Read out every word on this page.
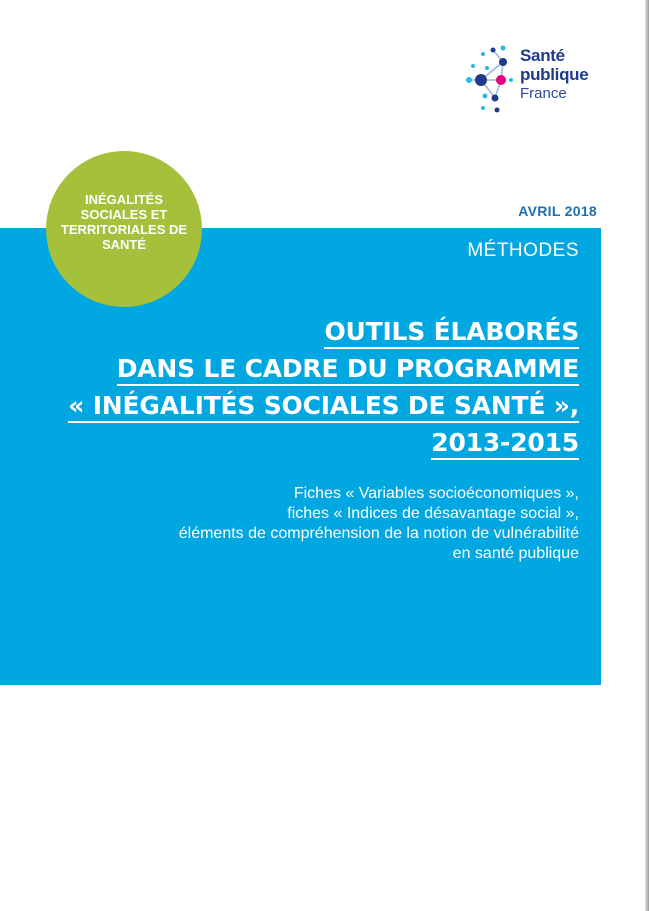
Santé
publique
France
AVRIL 2018
MÉTHODES
OUTILS ÉLABORÉS
DANS LE CADRE DU PROGRAMME
« INÉGALITÉS SOCIALES DE SANTÉ »,
2013-2015
Fiches « Variables socioéconomiques »,
fiches « Indices de désavantage social »,
éléments de compréhension de la notion de vulnérabilité
en santé publique
INÉGALITÉS
SOCIALES ET
TERRITORIALES DE
SANTÉ
